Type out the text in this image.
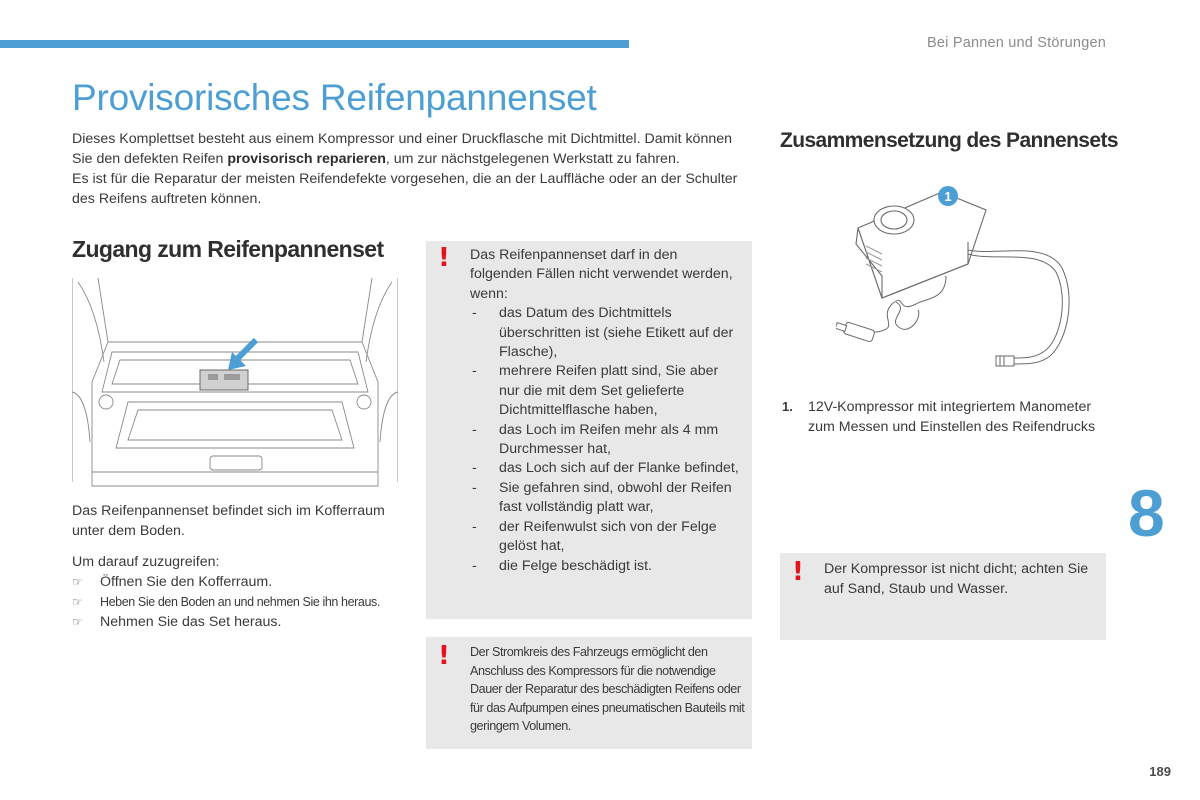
Bei Pannen und Störungen
Provisorisches Reifenpannenset

Dieses Komplettset besteht aus einem Kompressor und einer Druckflasche mit Dichtmittel. Damit können Sie den defekten Reifen provisorisch reparieren, um zur nächstgelegenen Werkstatt zu fahren.

Es ist für die Reparatur der meisten Reifendefekte vorgesehen, die an der Lauffläche oder an der Schulter des Reifens auftreten können.

Zugang zum Reifenpannenset

Das Reifenpannenset befindet sich im Kofferraum unter dem Boden.

Um darauf zuzugreifen:

☞ Öffnen Sie den Kofferraum.
☞ Heben Sie den Boden an und nehmen Sie ihn heraus.
☞ Nehmen Sie das Set heraus.
! Das Reifenpannenset darf in den folgenden Fällen nicht verwendet werden, wenn:

- das Datum des Dichtmittels überschritten ist (siehe Etikett auf der Flasche),
- mehrere Reifen platt sind, Sie aber nur die mit dem Set gelieferte Dichtmittelflasche haben,
- das Loch im Reifen mehr als 4 mm Durchmesser hat,
- das Loch sich auf der Flanke befindet,
- Sie gefahren sind, obwohl der Reifen fast vollständig platt war,
- der Reifenwulst sich von der Felge gelöst hat,
- die Felge beschädigt ist.
! Der Stromkreis des Fahrzeugs ermöglicht den Anschluss des Kompressors für die notwendige Dauer der Reparatur des beschädigten Reifens oder für das Aufpumpen eines pneumatischen Bauteils mit geringem Volumen.
Zusammensetzung des Pannensets
1
1.	12V-Kompressor mit integriertem Manometer zum Messen und Einstellen des Reifendrucks
! Der Kompressor ist nicht dicht; achten Sie auf Sand, Staub und Wasser.
8
189
